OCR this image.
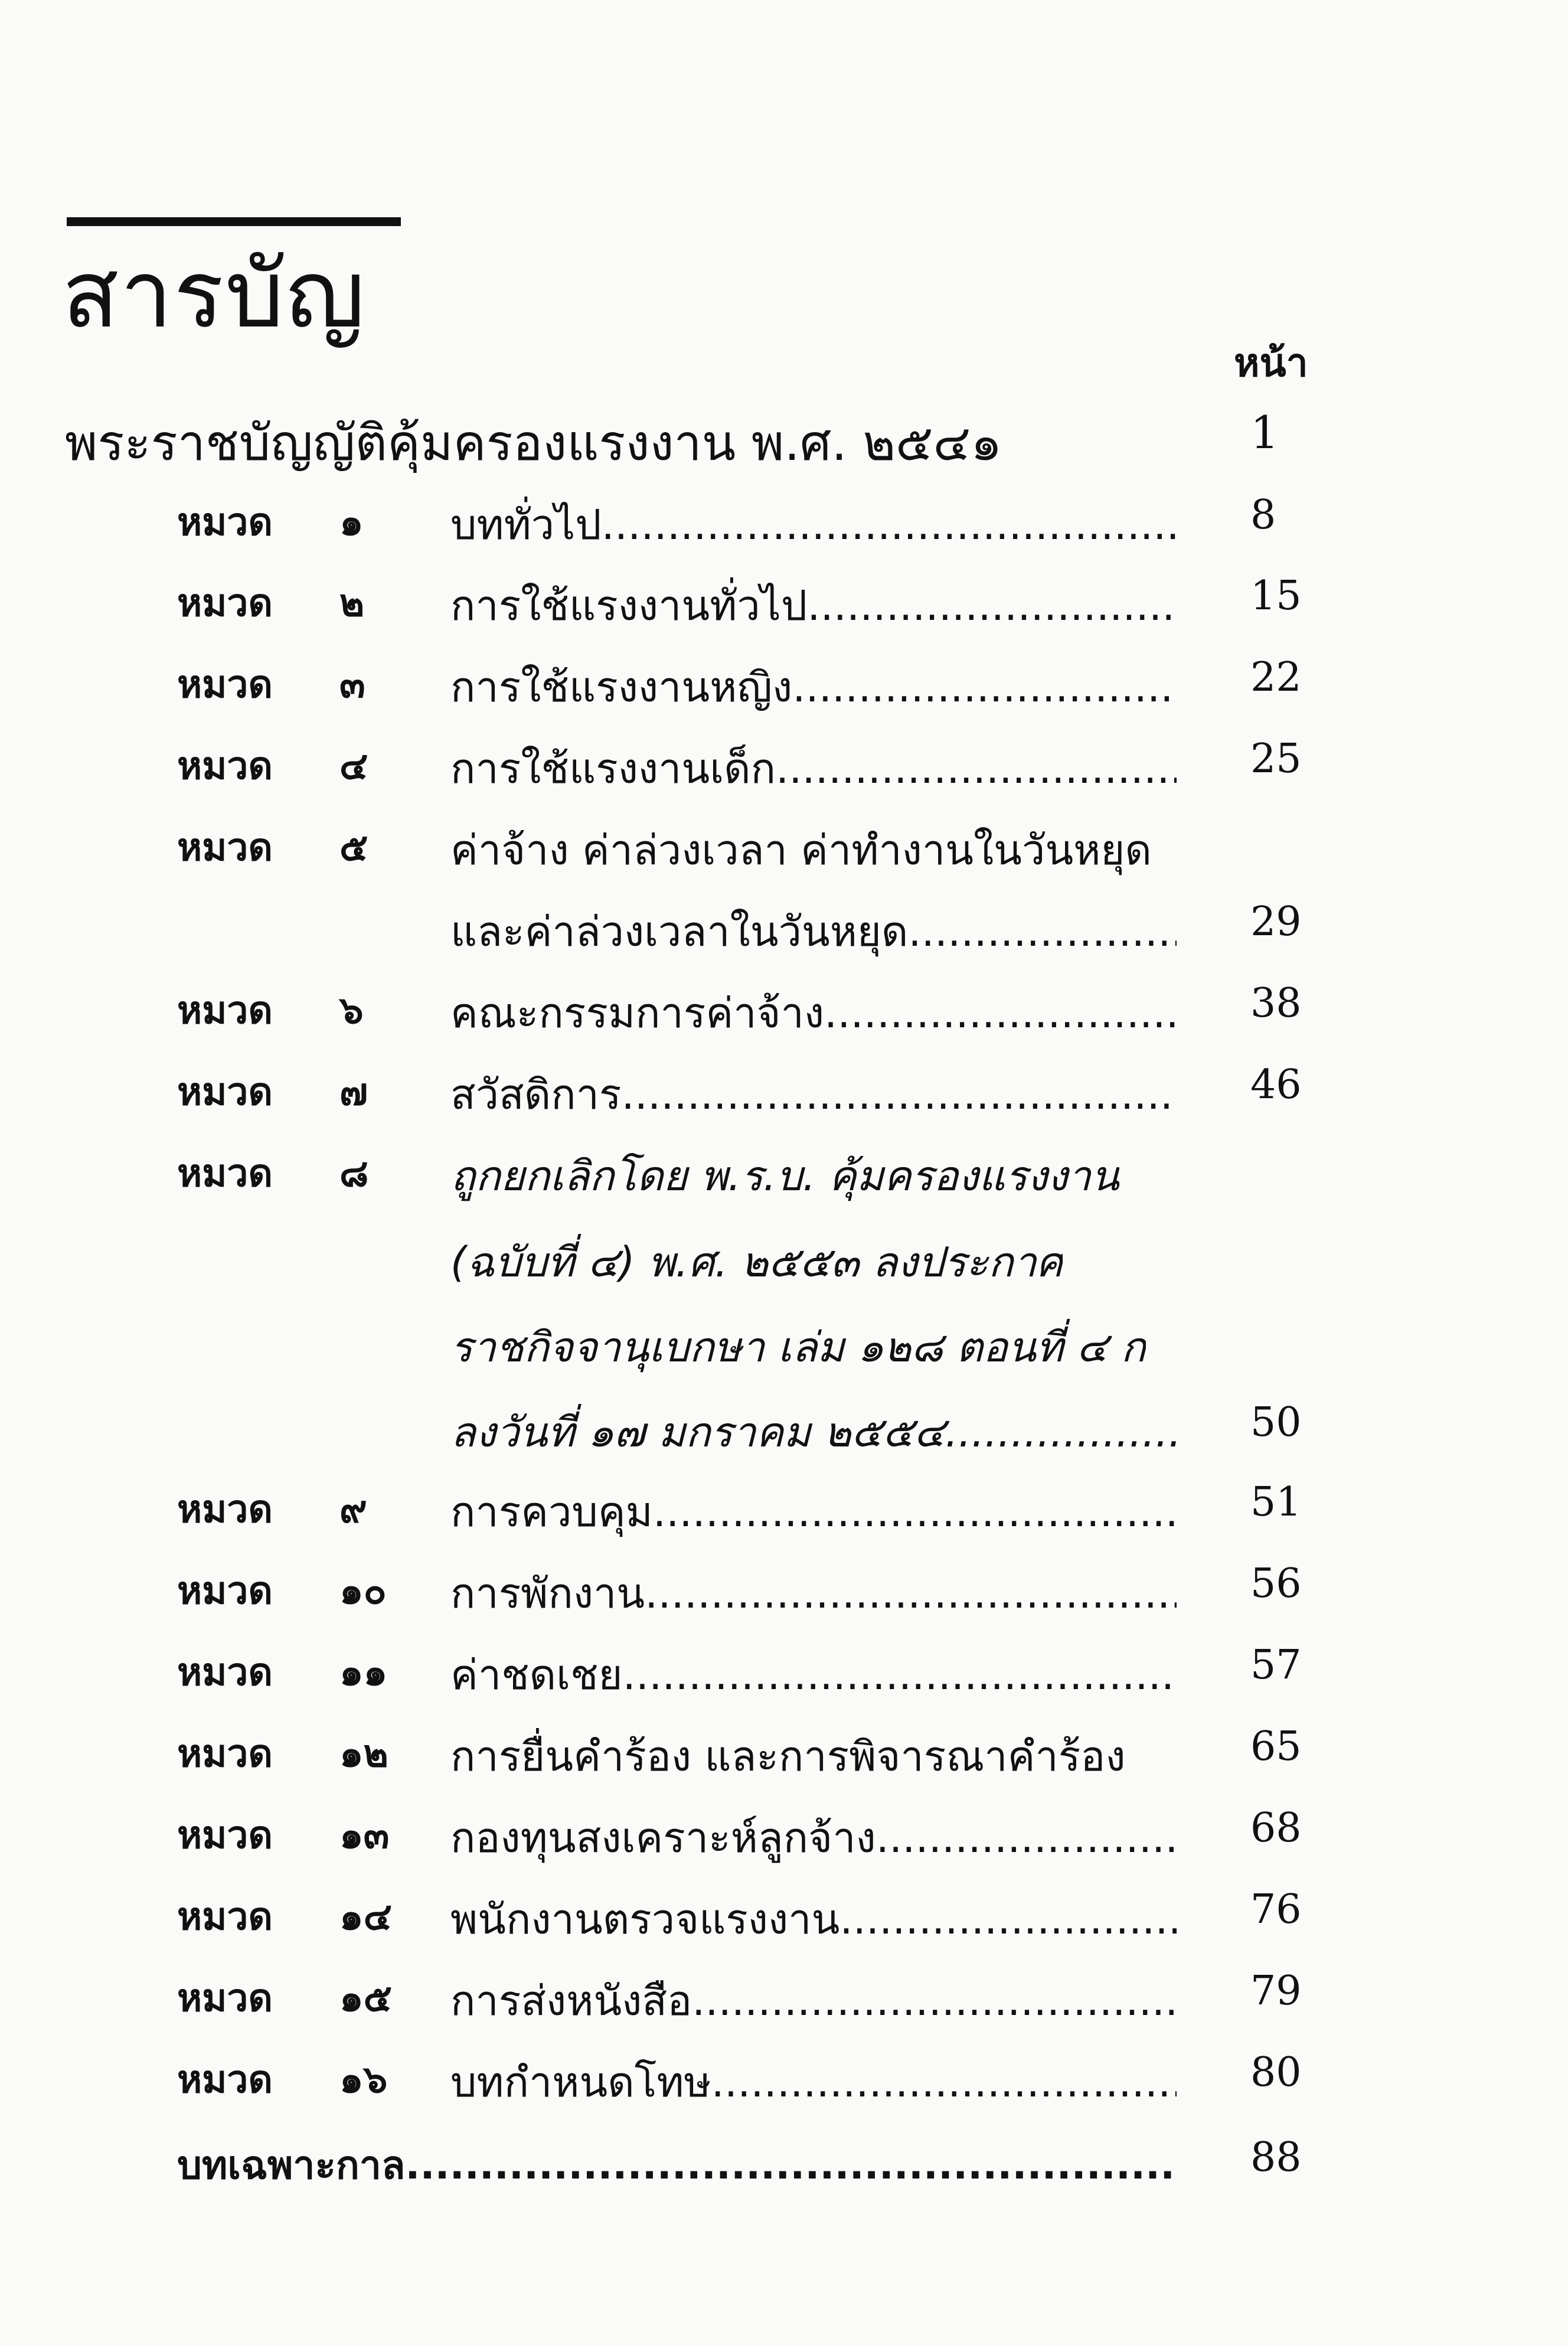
สารบัญ
หน้า
พระราชบัญญัติคุ้มครองแรงงาน พ.ศ. ๒๕๔๑	1
หมวด ๑ บททั่วไป .....	8
หมวด ๒ การใช้แรงงานทั่วไป .....	15
หมวด ๓ การใช้แรงงานหญิง .....	22
หมวด ๔ การใช้แรงงานเด็ก .....	25
หมวด ๕ ค่าจ้าง ค่าล่วงเวลา ค่าทำงานในวันหยุด
และค่าล่วงเวลาในวันหยุด .....	29
หมวด ๖ คณะกรรมการค่าจ้าง .....	38
หมวด ๗ สวัสดิการ .....	46
หมวด ๘ ถูกยกเลิกโดย พ.ร.บ. คุ้มครองแรงงาน
(ฉบับที่ ๔) พ.ศ. ๒๕๕๓ ลงประกาศ
ราชกิจจานุเบกษา เล่ม ๑๒๘ ตอนที่ ๔ ก
ลงวันที่ ๑๗ มกราคม ๒๕๕๔ .....	50
หมวด ๙ การควบคุม .....	51
หมวด ๑๐ การพักงาน .....	56
หมวด ๑๑ ค่าชดเชย .....	57
หมวด ๑๒ การยื่นคำร้อง และการพิจารณาคำร้อง	65
หมวด ๑๓ กองทุนสงเคราะห์ลูกจ้าง .....	68
หมวด ๑๔ พนักงานตรวจแรงงาน .....	76
หมวด ๑๕ การส่งหนังสือ .....	79
หมวด ๑๖ บทกำหนดโทษ .....	80
บทเฉพาะกาล .....	88
